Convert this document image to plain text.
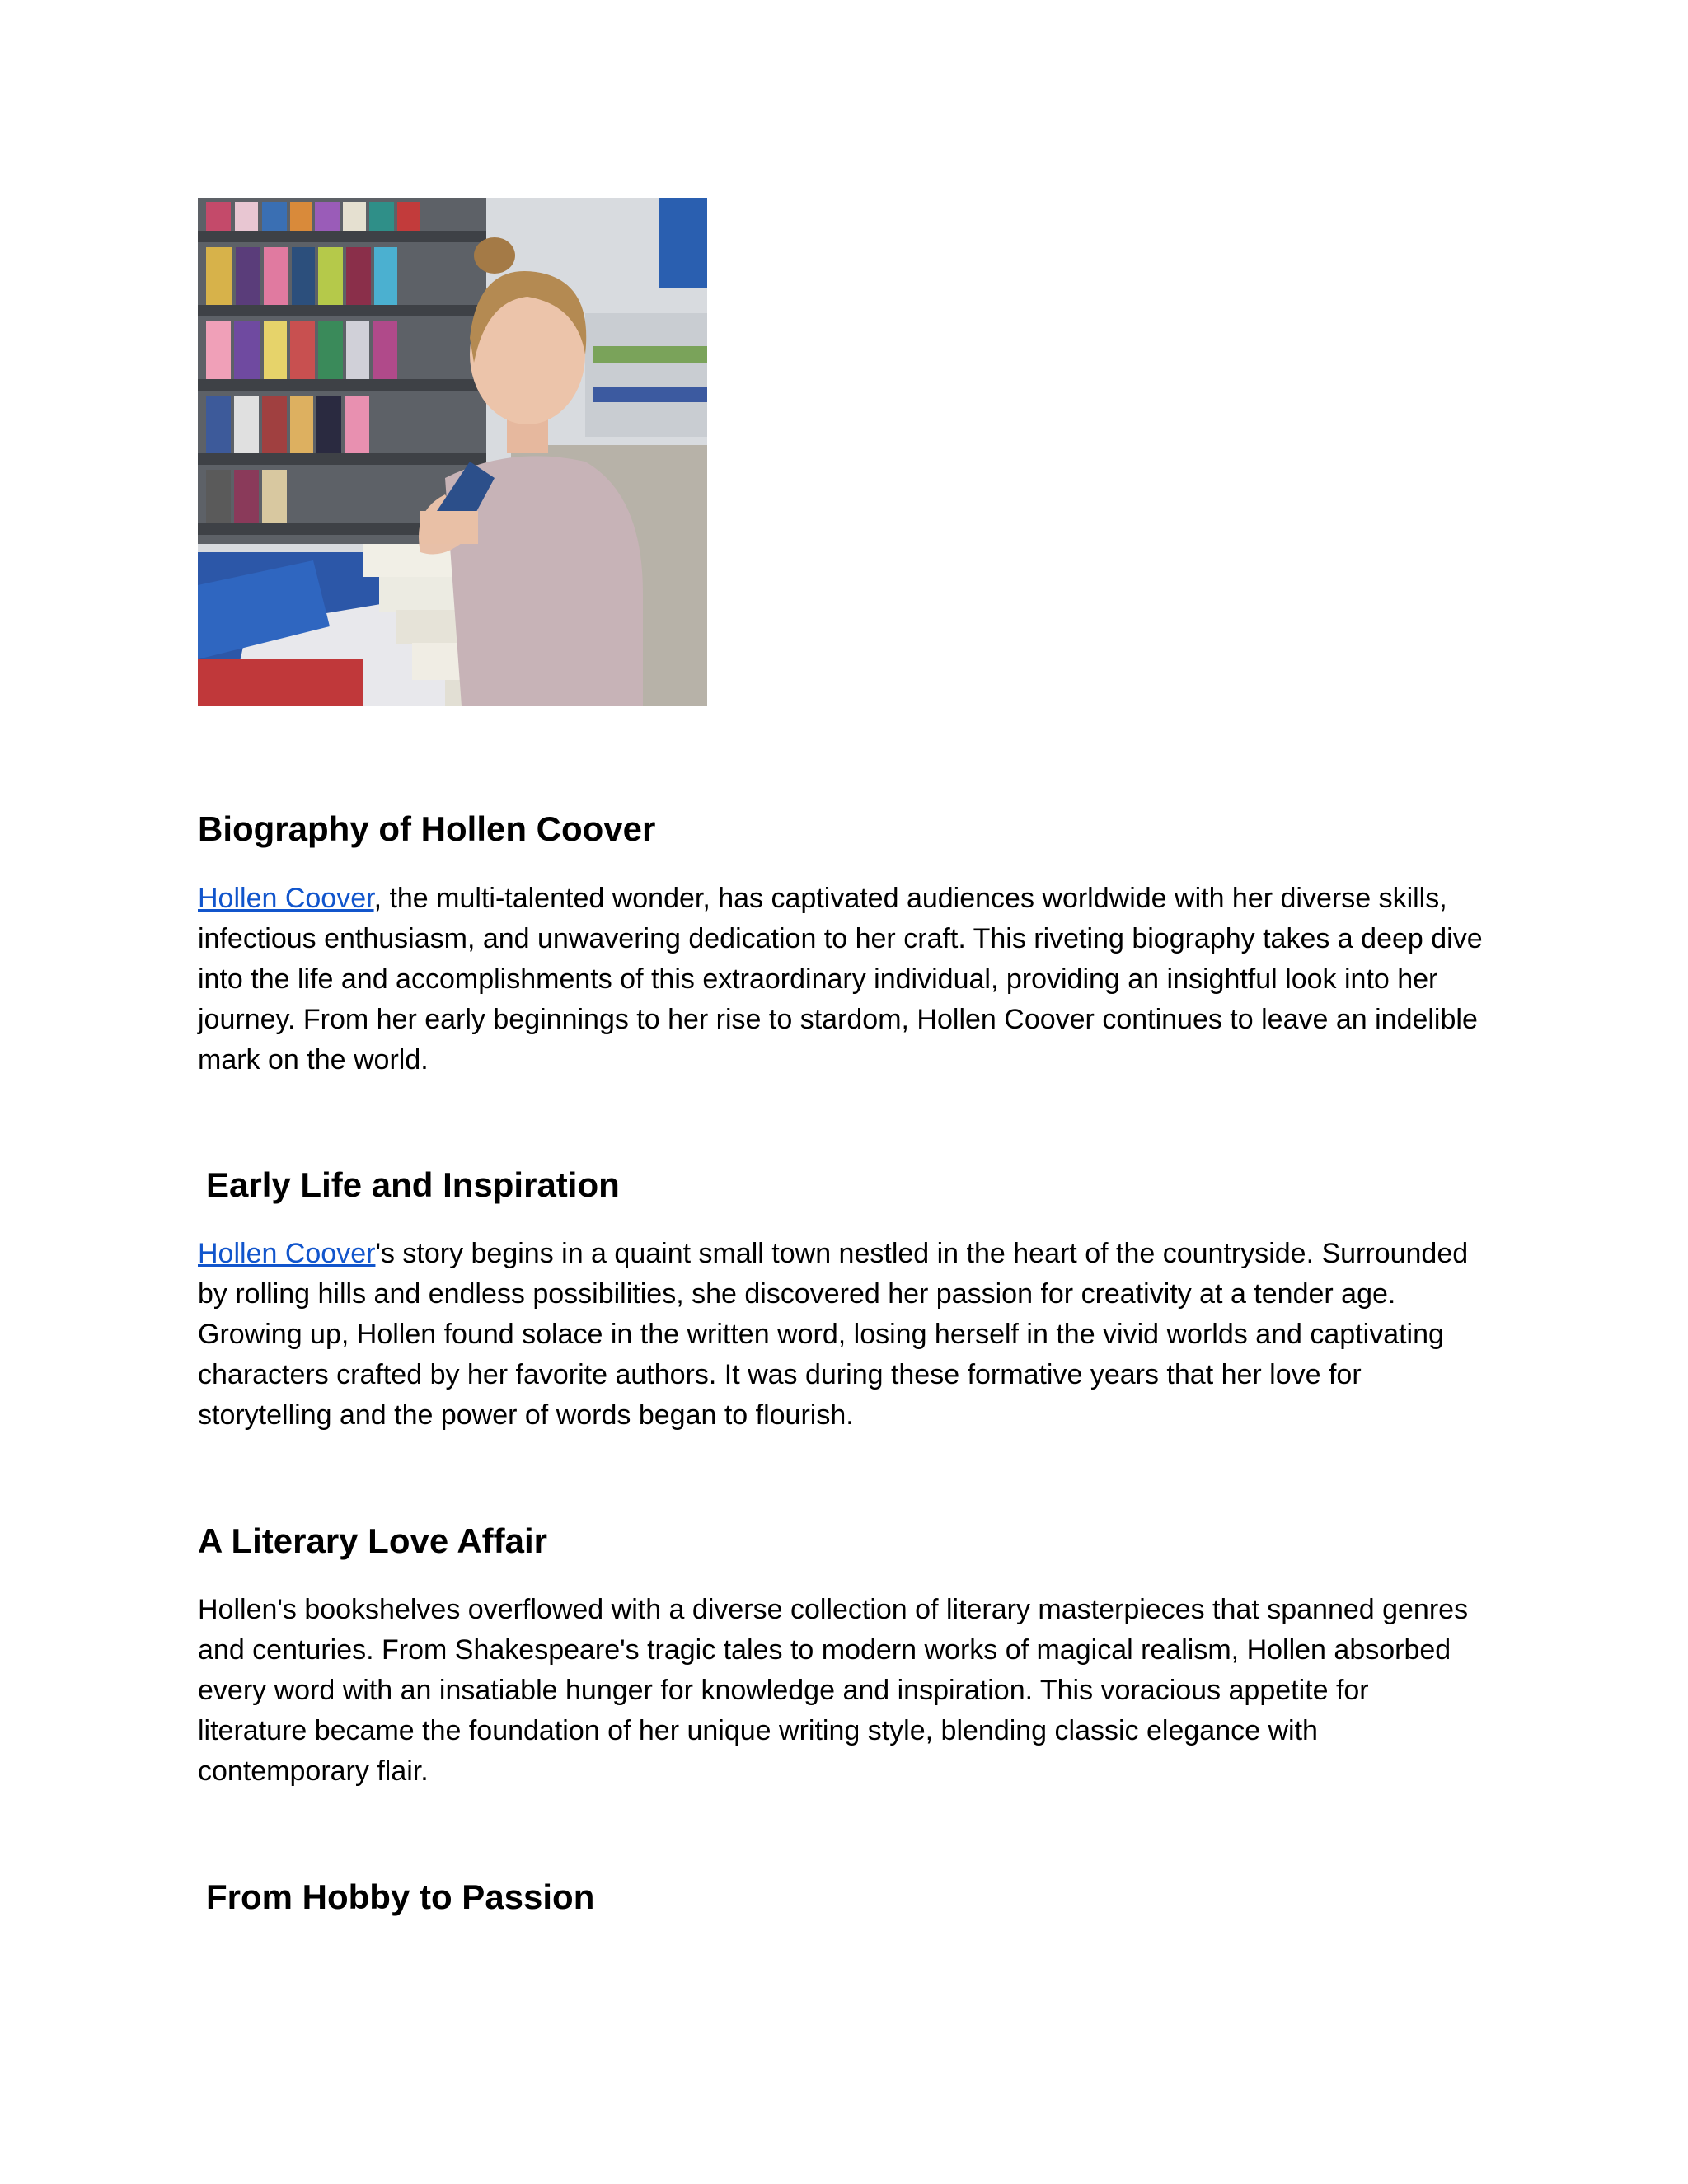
Biography of Hollen Coover

Hollen Coover, the multi-talented wonder, has captivated audiences worldwide with her diverse skills,
infectious enthusiasm, and unwavering dedication to her craft. This riveting biography takes a deep dive
into the life and accomplishments of this extraordinary individual, providing an insightful look into her
journey. From her early beginnings to her rise to stardom, Hollen Coover continues to leave an indelible
mark on the world.

Early Life and Inspiration

Hollen Coover's story begins in a quaint small town nestled in the heart of the countryside. Surrounded
by rolling hills and endless possibilities, she discovered her passion for creativity at a tender age.
Growing up, Hollen found solace in the written word, losing herself in the vivid worlds and captivating
characters crafted by her favorite authors. It was during these formative years that her love for
storytelling and the power of words began to flourish.

A Literary Love Affair

Hollen's bookshelves overflowed with a diverse collection of literary masterpieces that spanned genres
and centuries. From Shakespeare's tragic tales to modern works of magical realism, Hollen absorbed
every word with an insatiable hunger for knowledge and inspiration. This voracious appetite for
literature became the foundation of her unique writing style, blending classic elegance with
contemporary flair.

From Hobby to Passion
